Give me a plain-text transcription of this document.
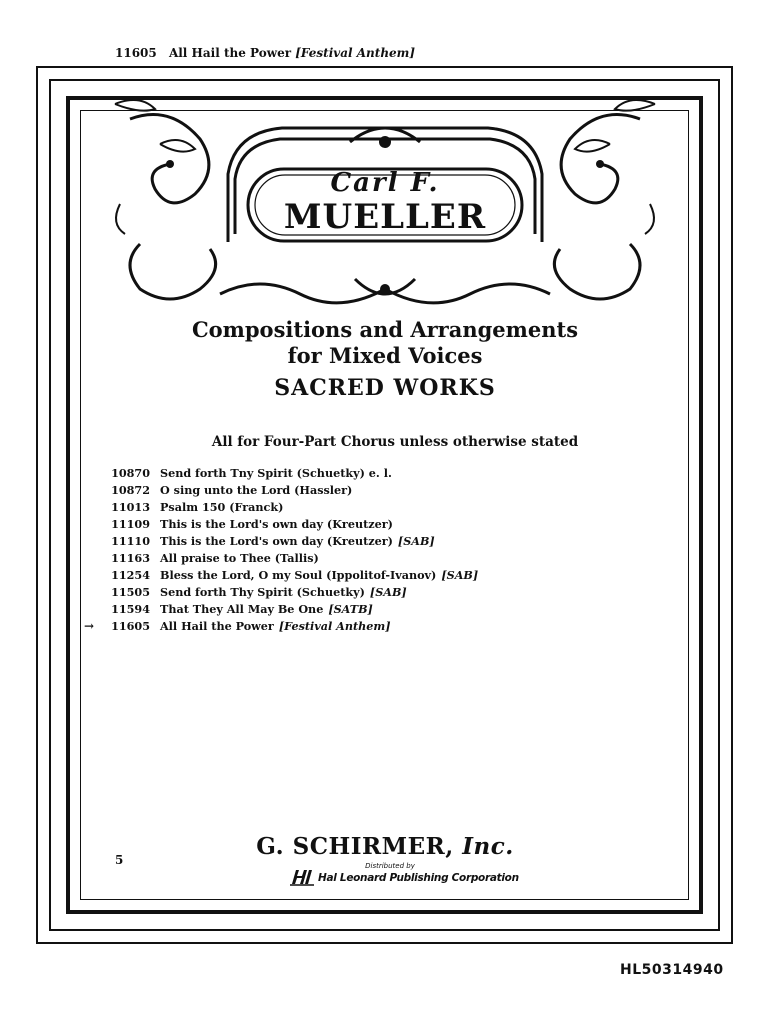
11605 All Hail the Power [Festival Anthem]
Carl F.
MUELLER
Compositions and Arrangements
for Mixed Voices
SACRED WORKS
All for Four-Part Chorus unless otherwise stated
10870 Send forth Tny Spirit (Schuetky) e. l.
10872 O sing unto the Lord (Hassler)
11013 Psalm 150 (Franck)
11109 This is the Lord's own day (Kreutzer)
11110 This is the Lord's own day (Kreutzer) [SAB]
11163 All praise to Thee (Tallis)
11254 Bless the Lord, O my Soul (Ippolitof-Ivanov) [SAB]
11505 Send forth Thy Spirit (Schuetky) [SAB]
11594 That They All May Be One [SATB]
→	11605 All Hail the Power [Festival Anthem]
5	G. SCHIRMER, Inc.
Distributed by
Hal Leonard Publishing Corporation
HL50314940
